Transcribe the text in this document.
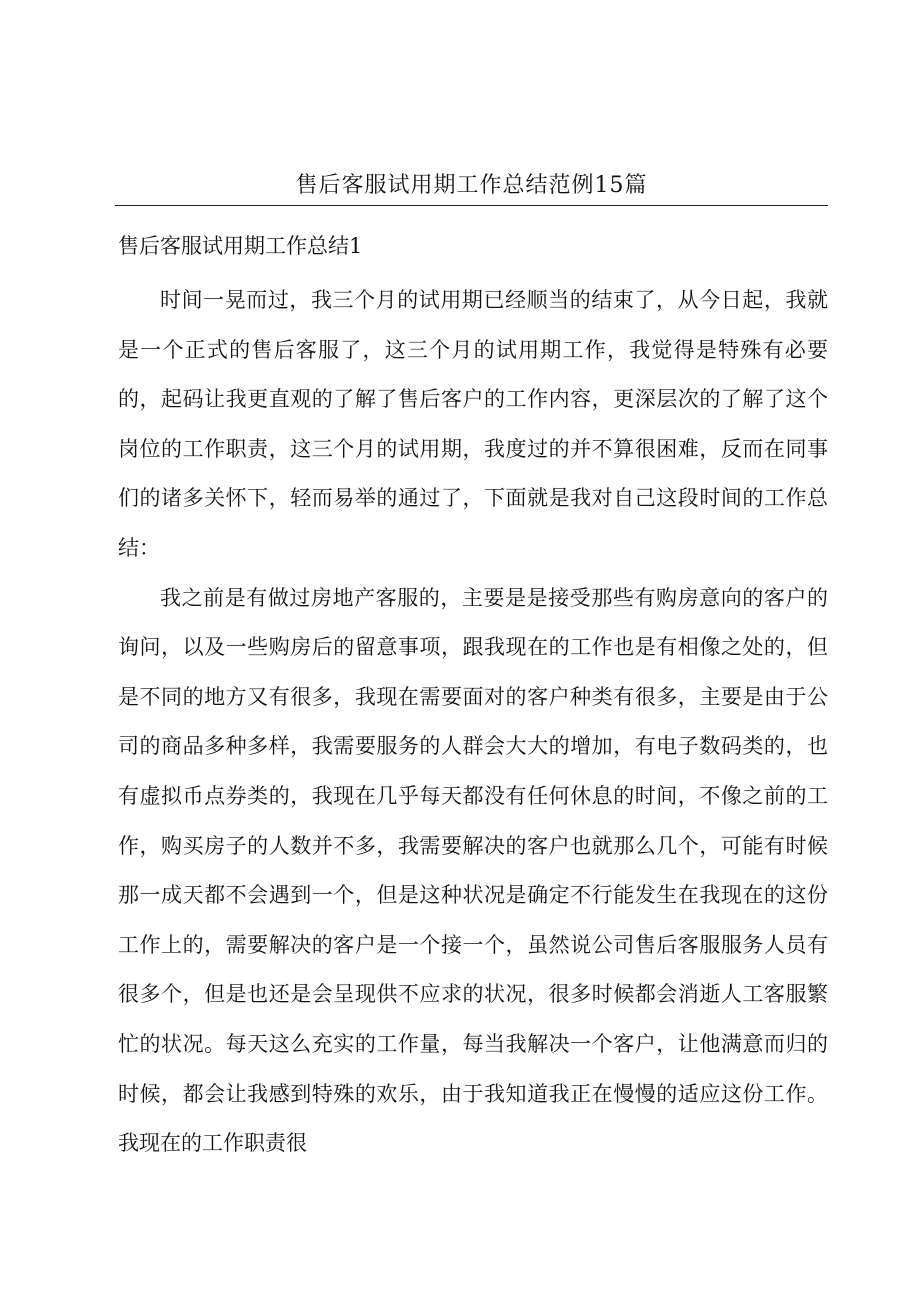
售后客服试用期工作总结范例15篇
售后客服试用期工作总结1

时间一晃而过，我三个月的试用期已经顺当的结束了，从今日起，我就是一个正式的售后客服了，这三个月的试用期工作，我觉得是特殊有必要的，起码让我更直观的了解了售后客户的工作内容，更深层次的了解了这个岗位的工作职责，这三个月的试用期，我度过的并不算很困难，反而在同事们的诸多关怀下，轻而易举的通过了，下面就是我对自己这段时间的工作总结：

我之前是有做过房地产客服的，主要是是接受那些有购房意向的客户的询问，以及一些购房后的留意事项，跟我现在的工作也是有相像之处的，但是不同的地方又有很多，我现在需要面对的客户种类有很多，主要是由于公司的商品多种多样，我需要服务的人群会大大的增加，有电子数码类的，也有虚拟币点券类的，我现在几乎每天都没有任何休息的时间，不像之前的工作，购买房子的人数并不多，我需要解决的客户也就那么几个，可能有时候那一成天都不会遇到一个，但是这种状况是确定不行能发生在我现在的这份工作上的，需要解决的客户是一个接一个，虽然说公司售后客服服务人员有很多个，但是也还是会呈现供不应求的状况，很多时候都会消逝人工客服繁忙的状况。每天这么充实的工作量，每当我解决一个客户，让他满意而归的时候，都会让我感到特殊的欢乐，由于我知道我正在慢慢的适应这份工作。我现在的工作职责很
